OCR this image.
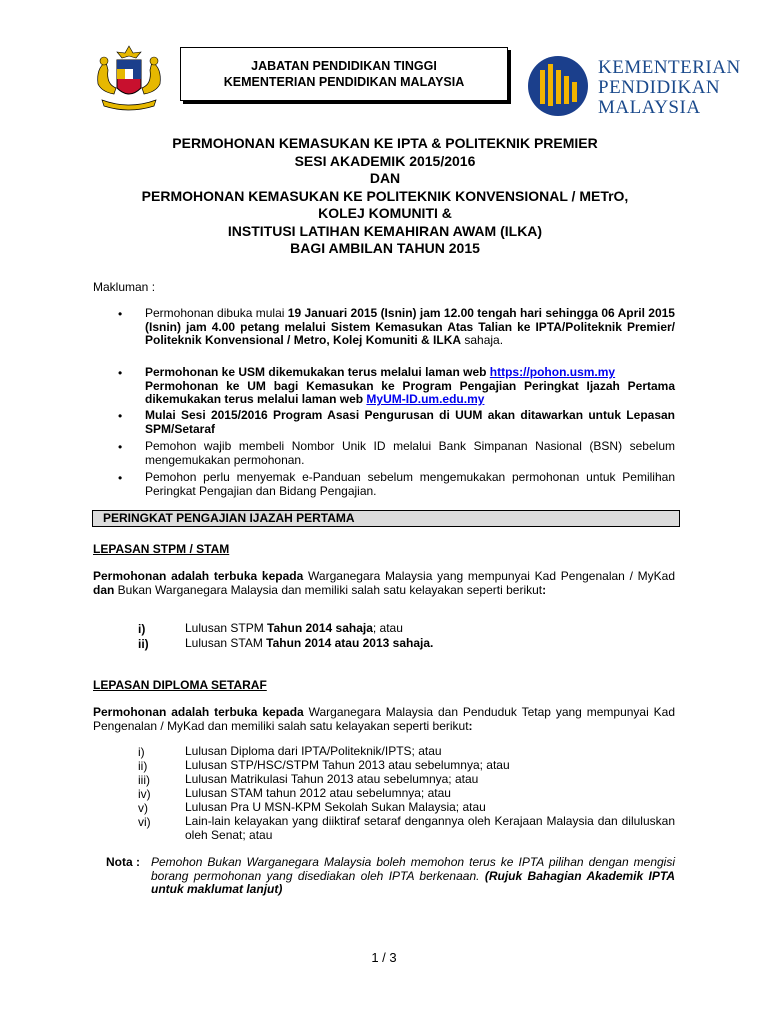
JABATAN PENDIDIKAN TINGGI
KEMENTERIAN PENDIDIKAN MALAYSIA
KEMENTERIAN
PENDIDIKAN
MALAYSIA
PERMOHONAN KEMASUKAN KE IPTA & POLITEKNIK PREMIER
SESI AKADEMIK 2015/2016
DAN
PERMOHONAN KEMASUKAN KE POLITEKNIK KONVENSIONAL / METrO,
KOLEJ KOMUNITI &
INSTITUSI LATIHAN KEMAHIRAN AWAM (ILKA)
BAGI AMBILAN TAHUN 2015
Makluman :
• Permohonan dibuka mulai 19 Januari 2015 (Isnin) jam 12.00 tengah hari sehingga 06 April 2015 (Isnin) jam 4.00 petang melalui Sistem Kemasukan Atas Talian ke IPTA/Politeknik Premier/ Politeknik Konvensional / Metro, Kolej Komuniti & ILKA sahaja.
• Permohonan ke USM dikemukakan terus melalui laman web https://pohon.usm.my
Permohonan ke UM bagi Kemasukan ke Program Pengajian Peringkat Ijazah Pertama dikemukakan terus melalui laman web MyUM-ID.um.edu.my
• Mulai Sesi 2015/2016 Program Asasi Pengurusan di UUM akan ditawarkan untuk Lepasan SPM/Setaraf
• Pemohon wajib membeli Nombor Unik ID melalui Bank Simpanan Nasional (BSN) sebelum mengemukakan permohonan.
• Pemohon perlu menyemak e-Panduan sebelum mengemukakan permohonan untuk Pemilihan Peringkat Pengajian dan Bidang Pengajian.
PERINGKAT PENGAJIAN IJAZAH PERTAMA
LEPASAN STPM / STAM
Permohonan adalah terbuka kepada Warganegara Malaysia yang mempunyai Kad Pengenalan / MyKad dan Bukan Warganegara Malaysia dan memiliki salah satu kelayakan seperti berikut:
i)	Lulusan STPM Tahun 2014 sahaja; atau
ii)	Lulusan STAM Tahun 2014 atau 2013 sahaja.
LEPASAN DIPLOMA SETARAF
Permohonan adalah terbuka kepada Warganegara Malaysia dan Penduduk Tetap yang mempunyai Kad Pengenalan / MyKad dan memiliki salah satu kelayakan seperti berikut:
i)	Lulusan Diploma dari IPTA/Politeknik/IPTS; atau
ii)	Lulusan STP/HSC/STPM Tahun 2013 atau sebelumnya; atau
iii)	Lulusan Matrikulasi Tahun 2013 atau sebelumnya; atau
iv)	Lulusan STAM tahun 2012 atau sebelumnya; atau
v)	Lulusan Pra U MSN-KPM Sekolah Sukan Malaysia; atau
vi)	Lain-lain kelayakan yang diiktiraf setaraf dengannya oleh Kerajaan Malaysia dan diluluskan oleh Senat; atau
Nota : Pemohon Bukan Warganegara Malaysia boleh memohon terus ke IPTA pilihan dengan mengisi borang permohonan yang disediakan oleh IPTA berkenaan. (Rujuk Bahagian Akademik IPTA untuk maklumat lanjut)
1 / 3
